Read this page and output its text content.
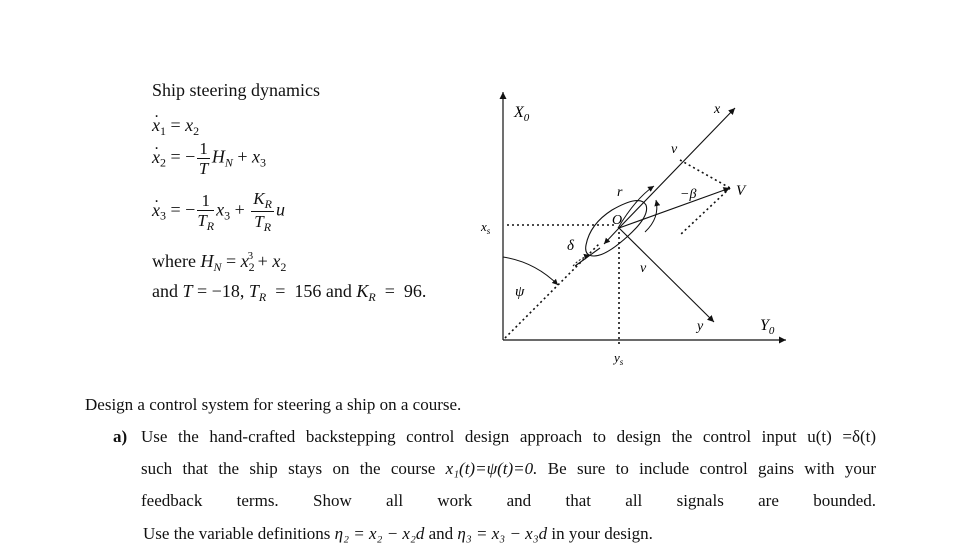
Ship steering dynamics
. $x_1 = x_2$
. $x_2$ = − $\frac{1}{T} H_N + x_3$
. $x_3$ = − $\frac{1}{T_R} x_3 + \frac{K_R}{T_R}$ u
where $H_N = x_2^3 + x_2$
and T = −18, $T_R = 156$ and $K_R = 96$.
$X_0$
$Y_0$
x
y
v
v
V
−β
r
O
δ
ψ
$x_s$
$y_s$
Design a control system for steering a ship on a course.
a) Use the hand-crafted backstepping control design approach to design the control input u(t) =δ(t)
such that the ship stays on the course x₁(t)=ψ(t)=0. Be sure to include control gains with your
feedback terms. Show all work and that all signals are bounded.
Use the variable definitions η₂ = x₂ − x₂d and η₃ = x₃ − x₃d in your design.
